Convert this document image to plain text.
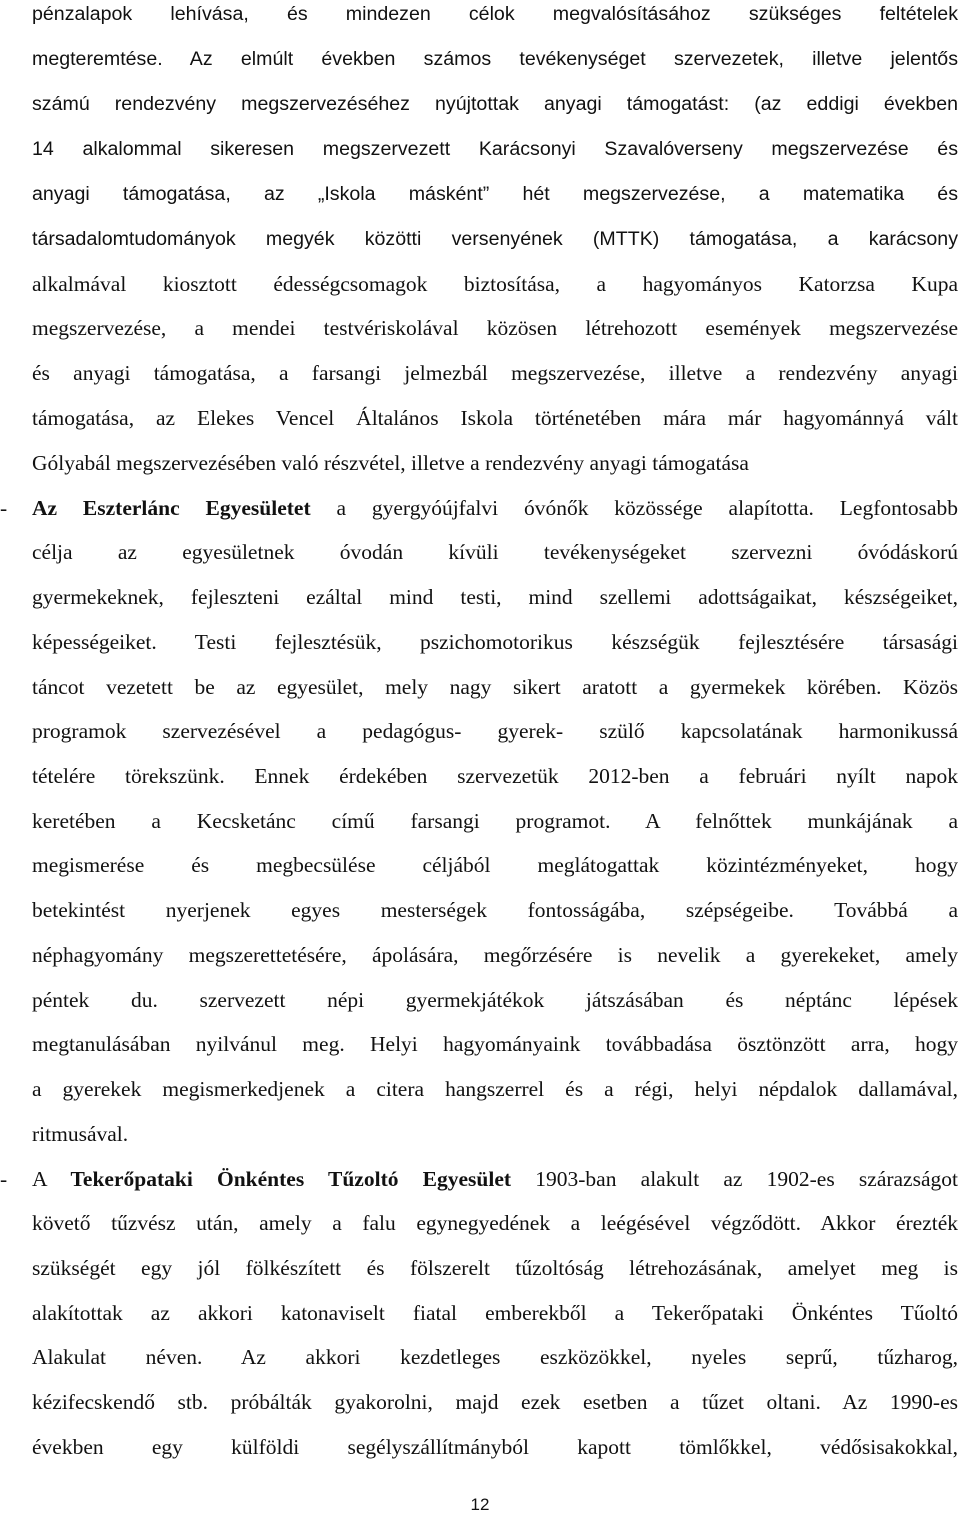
pénzalapok lehívása, és mindezen célok megvalósításához szükséges feltételek
megteremtése. Az elmúlt években számos tevékenységet szervezetek, illetve jelentős
számú rendezvény megszervezéséhez nyújtottak anyagi támogatást: (az eddigi években
14 alkalommal sikeresen megszervezett Karácsonyi Szavalóverseny megszervezése és
anyagi támogatása, az „Iskola másként” hét megszervezése, a matematika és
társadalomtudományok megyék közötti versenyének (MTTK) támogatása, a karácsony
alkalmával kiosztott édességcsomagok biztosítása, a hagyományos Katorzsa Kupa
megszervezése, a mendei testvériskolával közösen létrehozott események megszervezése
és anyagi támogatása, a farsangi jelmezbál megszervezése, illetve a rendezvény anyagi
támogatása, az Elekes Vencel Általános Iskola történetében mára már hagyománnyá vált
Gólyabál megszervezésében való részvétel, illetve a rendezvény anyagi támogatása
-	Az Eszterlánc Egyesületet a gyergyóújfalvi óvónők közössége alapította. Legfontosabb
célja az egyesületnek óvodán kívüli tevékenységeket szervezni óvódáskorú
gyermekeknek, fejleszteni ezáltal mind testi, mind szellemi adottságaikat, készségeiket,
képességeiket. Testi fejlesztésük, pszichomotorikus készségük fejlesztésére társasági
táncot vezetett be az egyesület, mely nagy sikert aratott a gyermekek körében. Közös
programok szervezésével a pedagógus- gyerek- szülő kapcsolatának harmonikussá
tételére törekszünk. Ennek érdekében szervezetük 2012-ben a februári nyílt napok
keretében a Kecsketánc című farsangi programot. A felnőttek munkájának a
megismerése és megbecsülése céljából meglátogattak közintézményeket, hogy
betekintést nyerjenek egyes mesterségek fontosságába, szépségeibe. Továbbá a
néphagyomány megszerettetésére, ápolására, megőrzésére is nevelik a gyerekeket, amely
péntek du. szervezett népi gyermekjátékok játszásában és néptánc lépések
megtanulásában nyilvánul meg. Helyi hagyományaink továbbadása ösztönzött arra, hogy
a gyerekek megismerkedjenek a citera hangszerrel és a régi, helyi népdalok dallamával,
ritmusával.
-	A Tekerőpataki Önkéntes Tűzoltó Egyesület 1903-ban alakult az 1902-es szárazságot
követő tűzvész után, amely a falu egynegyedének a leégésével végződött. Akkor érezték
szükségét egy jól fölkészített és fölszerelt tűzoltóság létrehozásának, amelyet meg is
alakítottak az akkori katonaviselt fiatal emberekből a Tekerőpataki Önkéntes Tűoltó
Alakulat néven. Az akkori kezdetleges eszközökkel, nyeles seprű, tűzharog,
kézifecskendő stb. próbálták gyakorolni, majd ezek esetben a tűzet oltani. Az 1990-es
években egy külföldi segélyszállítmányból kapott tömlőkkel, védősisakokkal,
12
